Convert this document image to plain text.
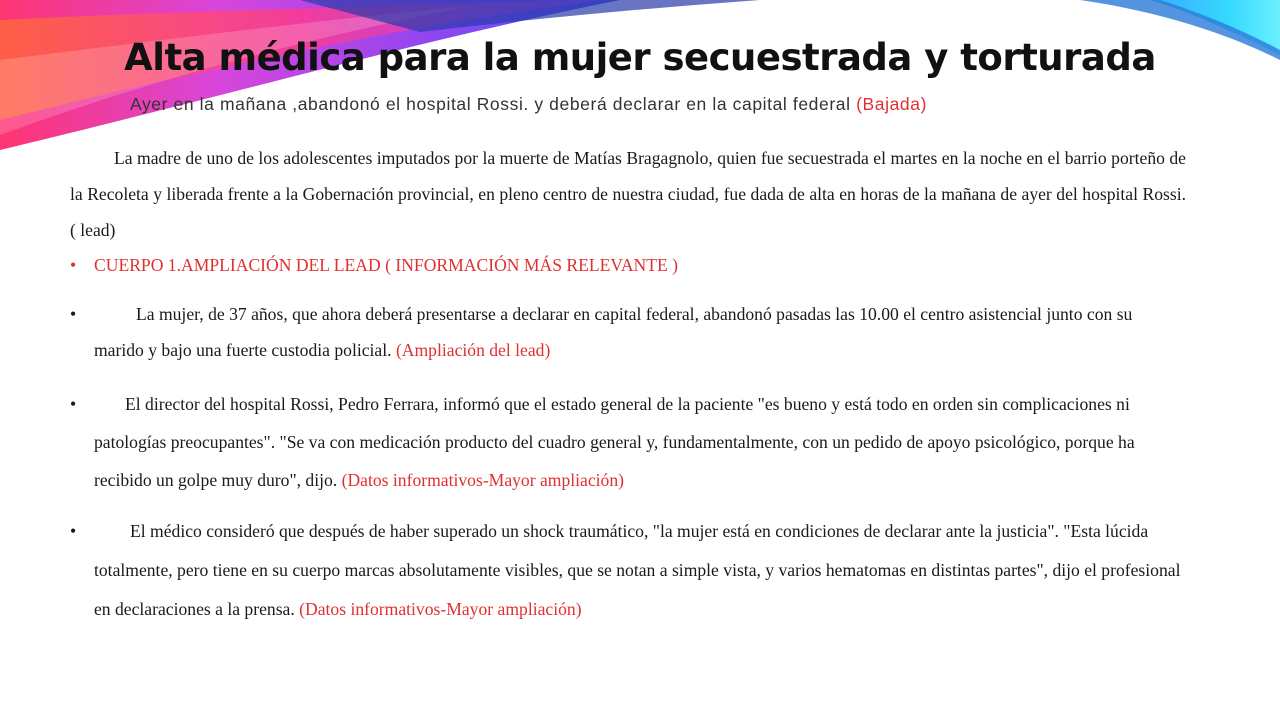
Alta médica para la mujer secuestrada y torturada
Ayer en la mañana ,abandonó el hospital Rossi. y deberá declarar en la capital federal (Bajada)
La madre de uno de los adolescentes imputados por la muerte de Matías Bragagnolo, quien fue secuestrada el martes en la noche en el barrio porteño de la Recoleta y liberada frente a la Gobernación provincial, en pleno centro de nuestra ciudad, fue dada de alta en horas de la mañana de ayer del hospital Rossi.( lead)
• CUERPO 1.AMPLIACIÓN DEL LEAD ( INFORMACIÓN MÁS RELEVANTE )
•	La mujer, de 37 años, que ahora deberá presentarse a declarar en capital federal, abandonó pasadas las 10.00 el centro asistencial junto con su marido y bajo una fuerte custodia policial. (Ampliación del lead)
•	El director del hospital Rossi, Pedro Ferrara, informó que el estado general de la paciente "es bueno y está todo en orden sin complicaciones ni patologías preocupantes". "Se va con medicación producto del cuadro general y, fundamentalmente, con un pedido de apoyo psicológico, porque ha recibido un golpe muy duro", dijo. (Datos informativos-Mayor ampliación)
•	El médico consideró que después de haber superado un shock traumático, "la mujer está en condiciones de declarar ante la justicia". "Esta lúcida totalmente, pero tiene en su cuerpo marcas absolutamente visibles, que se notan a simple vista, y varios hematomas en distintas partes", dijo el profesional en declaraciones a la prensa. (Datos informativos-Mayor ampliación)
